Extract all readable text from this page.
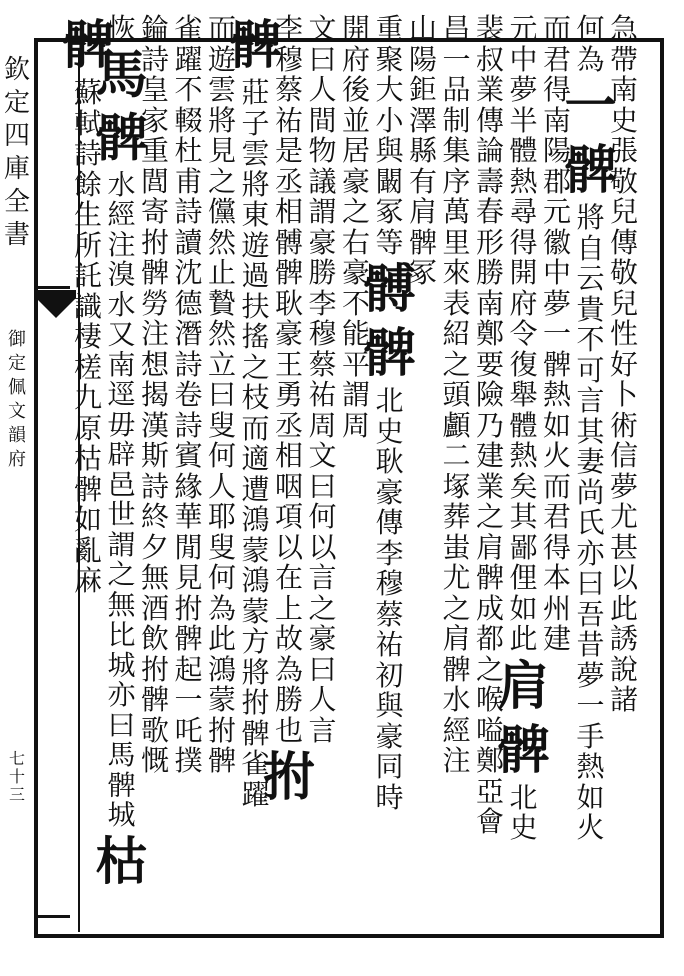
欽
定
四
庫
全
書
御
定
佩
文
韻
府
七
十
三
急
帶
南
史
張
敬
兒
傳
敬
兒
性
好
卜
術
信
夢
尤
甚
以
此
誘
說
諸
何
為
一
髀
將
自
云
貴
不
可
言
其
妻
尚
氏
亦
曰
吾
昔
夢
一
手
熱
如
火
而
君
得
南
陽
郡
元
徽
中
夢
一
髀
熱
如
火
而
君
得
本
州
建
元
中
夢
半
體
熱
尋
得
開
府
令
復
舉
體
熱
矣
其
鄙
俚
如
此
肩
髀
北
史
裴
叔
業
傳
論
壽
春
形
勝
南
鄭
要
險
乃
建
業
之
肩
髀
成
都
之
喉
嗌
鄭
亞
會
昌
一
品
制
集
序
萬
里
來
表
紹
之
頭
顱
二
塚
葬
蚩
尤
之
肩
髀
水
經
注
山
陽
鉅
澤
縣
有
肩
髀
冢
重
聚
大
小
與
闞
冢
等
髆
髀
北
史
耿
豪
傳
李
穆
蔡
祐
初
與
豪
同
時
開
府
後
並
居
豪
之
右
豪
不
能
平
謂
周
文
曰
人
間
物
議
謂
豪
勝
李
穆
蔡
祐
周
文
曰
何
以
言
之
豪
曰
人
言
李
穆
蔡
祐
是
丞
相
髆
髀
耿
豪
王
勇
丞
相
咽
項
以
在
上
故
為
勝
也
拊
髀
莊
子
雲
將
東
遊
過
扶
搖
之
枝
而
適
遭
鴻
蒙
鴻
蒙
方
將
拊
髀
雀
躍
而
遊
雲
將
見
之
儻
然
止
贄
然
立
曰
叟
何
人
耶
叟
何
為
此
鴻
蒙
拊
髀
雀
躍
不
輟
杜
甫
詩
讀
沈
德
潛
詩
卷
詩
賓
緣
華
閒
見
拊
髀
起
一
吒
撲
錀
詩
皇
家
重
閭
寄
拊
髀
勞
注
想
揭
漢
斯
詩
終
夕
無
酒
飲
拊
髀
歌
慨
恢
馬
髀
水
經
注
溴
水
又
南
逕
毋
辟
邑
世
謂
之
無
比
城
亦
曰
馬
髀
城
枯
髀
蘇
軾
詩
餘
生
所
託
識
棲
槎
九
原
枯
髀
如
亂
麻
